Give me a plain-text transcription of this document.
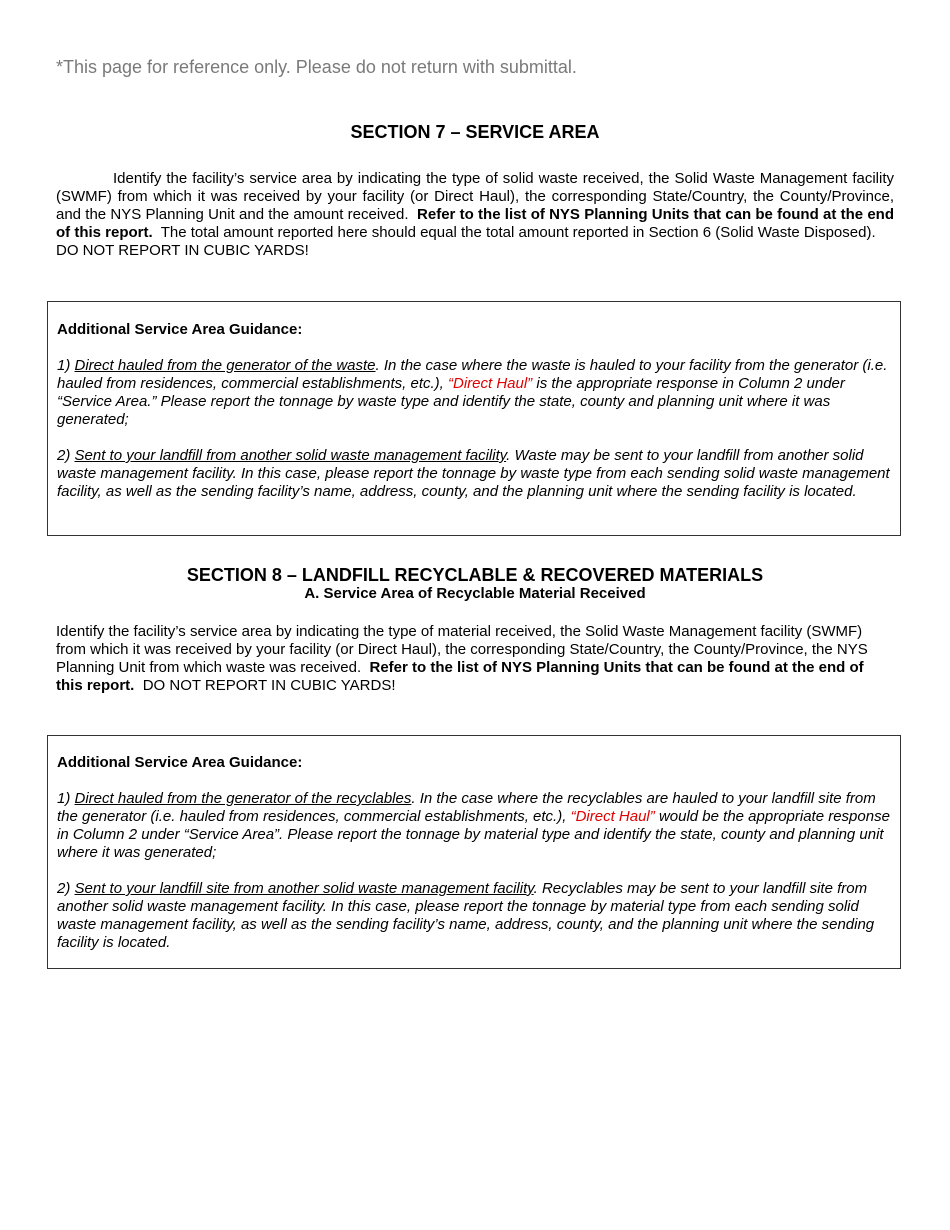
*This page for reference only. Please do not return with submittal.
SECTION 7 – SERVICE AREA

Identify the facility’s service area by indicating the type of solid waste received, the Solid Waste Management facility (SWMF) from which it was received by your facility (or Direct Haul), the corresponding State/Country, the County/Province, and the NYS Planning Unit and the amount received. Refer to the list of NYS Planning Units that can be found at the end of this report. The total amount reported here should equal the total amount reported in Section 6 (Solid Waste Disposed).

DO NOT REPORT IN CUBIC YARDS!

Additional Service Area Guidance:

1) Direct hauled from the generator of the waste. In the case where the waste is hauled to your facility from the generator (i.e. hauled from residences, commercial establishments, etc.), “Direct Haul” is the appropriate response in Column 2 under “Service Area.” Please report the tonnage by waste type and identify the state, county and planning unit where it was generated;

2) Sent to your landfill from another solid waste management facility. Waste may be sent to your landfill from another solid waste management facility. In this case, please report the tonnage by waste type from each sending solid waste management facility, as well as the sending facility’s name, address, county, and the planning unit where the sending facility is located.

SECTION 8 – LANDFILL RECYCLABLE & RECOVERED MATERIALS
A. Service Area of Recyclable Material Received

Identify the facility’s service area by indicating the type of material received, the Solid Waste Management facility (SWMF) from which it was received by your facility (or Direct Haul), the corresponding State/Country, the County/Province, the NYS Planning Unit from which waste was received. Refer to the list of NYS Planning Units that can be found at the end of this report. DO NOT REPORT IN CUBIC YARDS!

Additional Service Area Guidance:

1) Direct hauled from the generator of the recyclables. In the case where the recyclables are hauled to your landfill site from the generator (i.e. hauled from residences, commercial establishments, etc.), “Direct Haul” would be the appropriate response in Column 2 under “Service Area”. Please report the tonnage by material type and identify the state, county and planning unit where it was generated;

2) Sent to your landfill site from another solid waste management facility. Recyclables may be sent to your landfill site from another solid waste management facility. In this case, please report the tonnage by material type from each sending solid waste management facility, as well as the sending facility’s name, address, county, and the planning unit where the sending facility is located.
